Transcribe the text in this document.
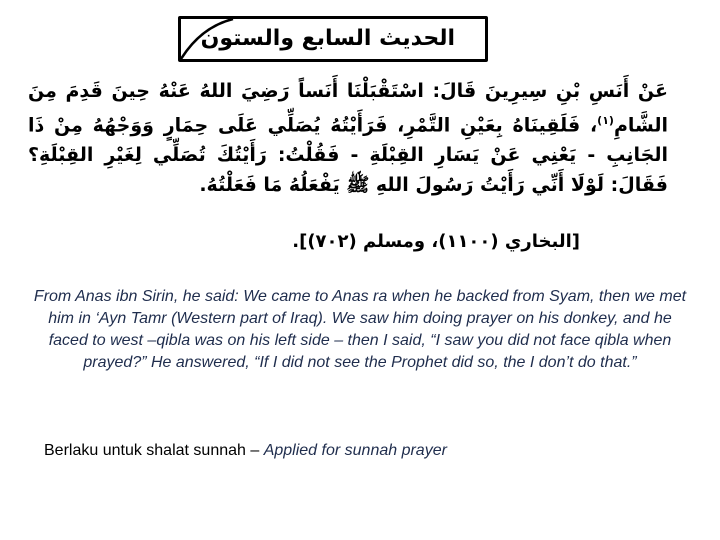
الحديث السابع والستون
عَنْ أَنَسِ بْنِ سِيرِينَ قَالَ: اسْتَقْبَلْنَا أَنَساً رَضِيَ اللهُ عَنْهُ حِينَ قَدِمَ مِنَ الشَّامِ$^{(١)}$، فَلَقِينَاهُ بِعَيْنِ التَّمْرِ، فَرَأَيْتُهُ يُصَلِّي عَلَى حِمَارٍ وَوَجْهُهُ مِنْ ذَا الجَانِبِ - يَعْنِي عَنْ يَسَارِ القِبْلَةِ - فَقُلْتُ: رَأَيْتُكَ تُصَلِّي لِغَيْرِ القِبْلَةِ؟ فَقَالَ: لَوْلَا أَنِّي رَأَيْتُ رَسُولَ اللهِ ﷺ يَفْعَلُهُ مَا فَعَلْتُهُ.
[البخاري (١١٠٠)، ومسلم (٧٠٢)].
From Anas ibn Sirin, he said: We came to Anas ra when he backed from Syam, then we met him in ‘Ayn Tamr (Western part of Iraq). We saw him doing prayer on his donkey, and he faced to west –qibla was on his left side – then I said, “I saw you did not face qibla when prayed?” He answered, “If I did not see the Prophet did so, the I don’t do that.”
Berlaku untuk shalat sunnah – Applied for sunnah prayer
